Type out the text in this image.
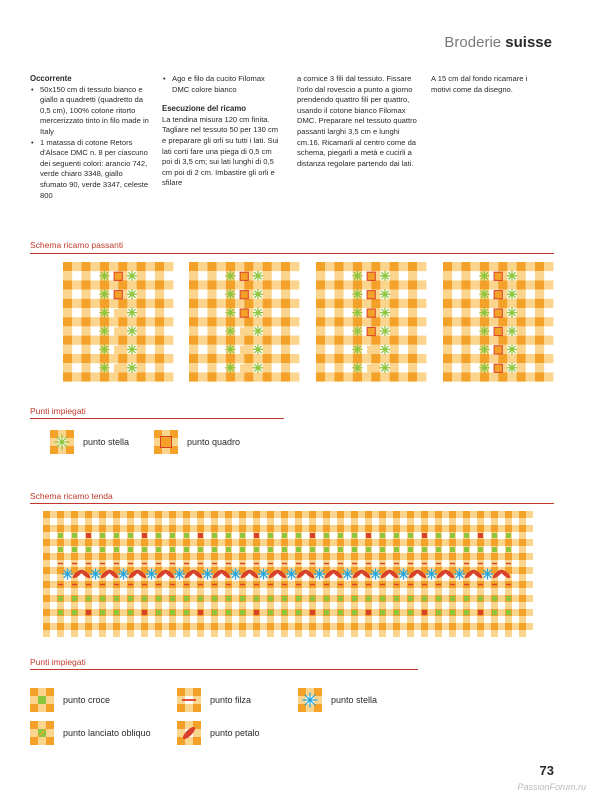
Broderie suisse
Occorrente
• 50x150 cm di tessuto bianco e giallo a quadretti (quadretto da 0,5 cm), 100% cotone ritorto mercerizzato tinto in filo made in Italy
• 1 matassa di cotone Retors d'Alsace DMC n. 8 per ciascuno dei seguenti colori: arancio 742, verde chiaro 3348, giallo sfumato 90, verde 3347, celeste 800
• Ago e filo da cucito Filomax DMC colore bianco
Esecuzione del ricamo

La tendina misura 120 cm finita. Tagliare nel tessuto 50 per 130 cm e preparare gli orli su tutti i lati. Sui lati corti fare una piega di 0,5 cm poi di 3,5 cm; sui lati lunghi di 0,5 cm poi di 2 cm. Imbastire gli orli e sfilare

a cornice 3 fili dal tessuto. Fissare l'orlo dal rovescio a punto a giorno prendendo quattro fili per quattro, usando il cotone bianco Filomax DMC. Preparare nel tessuto quattro passanti larghi 3,5 cm e lunghi cm.16. Ricamarli al centro come da schema, piegarli a metà e cucirli a distanza regolare partendo dai lati.

A 15 cm dal fondo ricamare i motivi come da disegno.

Schema ricamo passanti
Punti impiegati
punto stella	punto quadro
Schema ricamo tenda
Punti impiegati
punto croce	punto filza	punto stella
punto lanciato obliquo	punto petalo
73
PassionForum.ru
